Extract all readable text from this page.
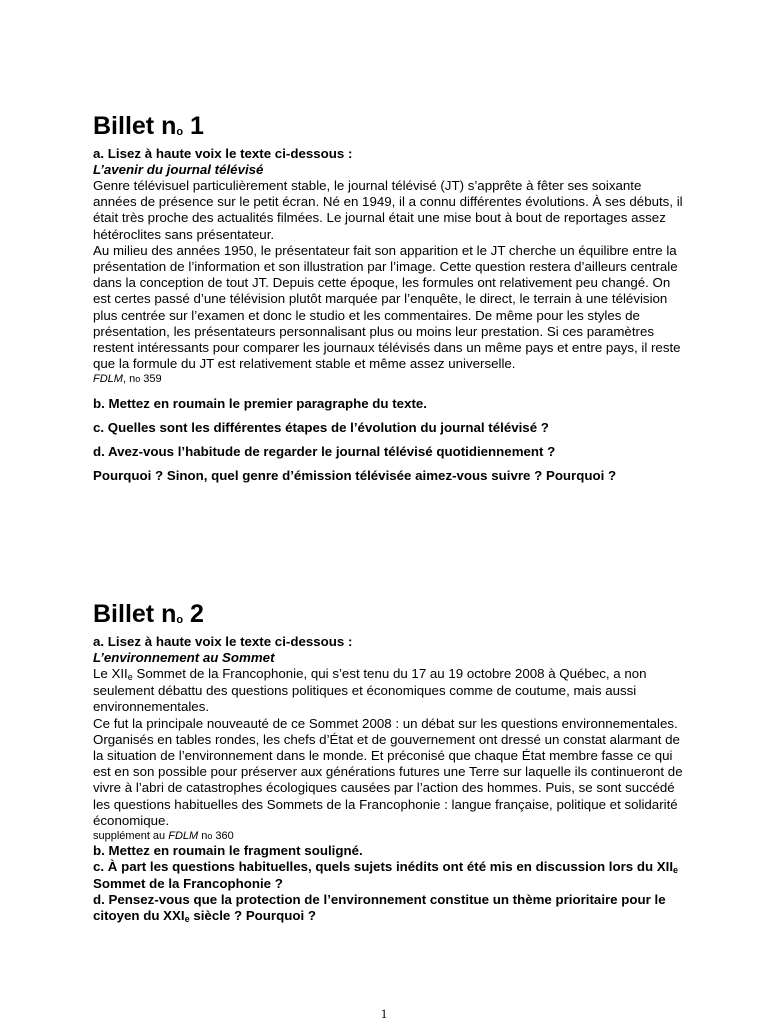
Billet no 1

a. Lisez à haute voix le texte ci-dessous :

L’avenir du journal télévisé

Genre télévisuel particulièrement stable, le journal télévisé (JT) s’apprête à fêter ses soixante années de présence sur le petit écran. Né en 1949, il a connu différentes évolutions. À ses débuts, il était très proche des actualités filmées. Le journal était une mise bout à bout de reportages assez hétéroclites sans présentateur.

Au milieu des années 1950, le présentateur fait son apparition et le JT cherche un équilibre entre la présentation de l’information et son illustration par l’image. Cette question restera d’ailleurs centrale dans la conception de tout JT. Depuis cette époque, les formules ont relativement peu changé. On est certes passé d’une télévision plutôt marquée par l’enquête, le direct, le terrain à une télévision plus centrée sur l’examen et donc le studio et les commentaires. De même pour les styles de présentation, les présentateurs personnalisant plus ou moins leur prestation. Si ces paramètres restent intéressants pour comparer les journaux télévisés dans un même pays et entre pays, il reste que la formule du JT est relativement stable et même assez universelle.

FDLM, no 359

b. Mettez en roumain le premier paragraphe du texte.

c. Quelles sont les différentes étapes de l’évolution du journal télévisé ?

d. Avez-vous l’habitude de regarder le journal télévisé quotidiennement ?

Pourquoi ? Sinon, quel genre d’émission télévisée aimez-vous suivre ? Pourquoi ?

Billet no 2

a. Lisez à haute voix le texte ci-dessous :

L’environnement au Sommet

Le XIIe Sommet de la Francophonie, qui s’est tenu du 17 au 19 octobre 2008 à Québec, a non seulement débattu des questions politiques et économiques comme de coutume, mais aussi environnementales.

Ce fut la principale nouveauté de ce Sommet 2008 : un débat sur les questions environnementales. Organisés en tables rondes, les chefs d’État et de gouvernement ont dressé un constat alarmant de la situation de l’environnement dans le monde. Et préconisé que chaque État membre fasse ce qui est en son possible pour préserver aux générations futures une Terre sur laquelle ils continueront de vivre à l’abri de catastrophes écologiques causées par l’action des hommes. Puis, se sont succédé les questions habituelles des Sommets de la Francophonie : langue française, politique et solidarité économique.

supplément au FDLM no 360

b. Mettez en roumain le fragment souligné.

c. À part les questions habituelles, quels sujets inédits ont été mis en discussion lors du XIIe Sommet de la Francophonie ?

d. Pensez-vous que la protection de l’environnement constitue un thème prioritaire pour le citoyen du XXIe siècle ? Pourquoi ?

1
